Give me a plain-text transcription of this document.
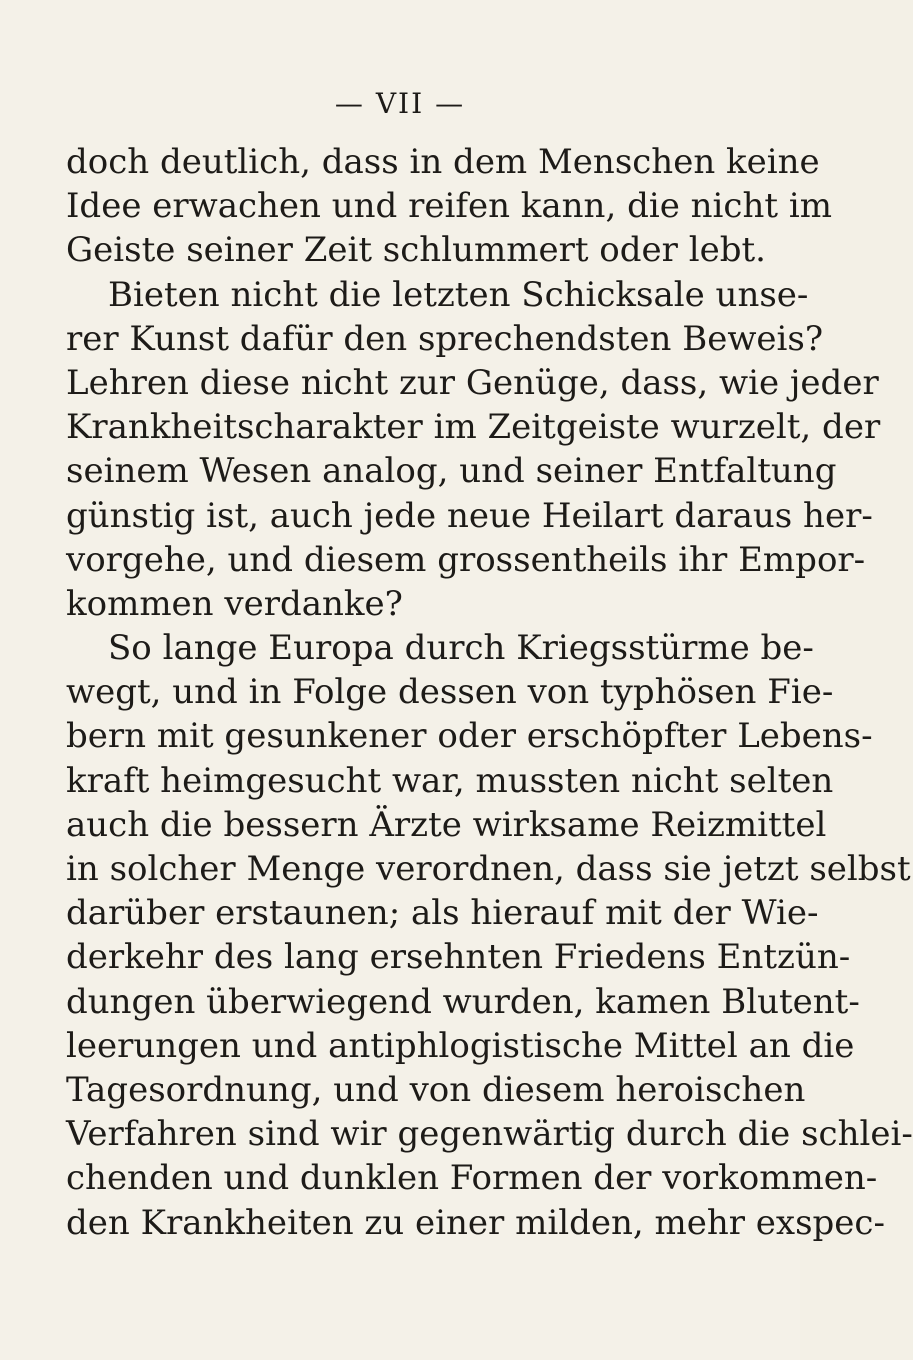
— VII —
doch deutlich, dass in dem Menschen keine
Idee erwachen und reifen kann, die nicht im
Geiste seiner Zeit schlummert oder lebt.
Bieten nicht die letzten Schicksale unse-
rer Kunst dafür den sprechendsten Beweis?
Lehren diese nicht zur Genüge, dass, wie jeder
Krankheitscharakter im Zeitgeiste wurzelt, der
seinem Wesen analog, und seiner Entfaltung
günstig ist, auch jede neue Heilart daraus her-
vorgehe, und diesem grossentheils ihr Empor-
kommen verdanke?
So lange Europa durch Kriegsstürme be-
wegt, und in Folge dessen von typhösen Fie-
bern mit gesunkener oder erschöpfter Lebens-
kraft heimgesucht war, mussten nicht selten
auch die bessern Ärzte wirksame Reizmittel
in solcher Menge verordnen, dass sie jetzt selbst
darüber erstaunen; als hierauf mit der Wie-
derkehr des lang ersehnten Friedens Entzün-
dungen überwiegend wurden, kamen Blutent-
leerungen und antiphlogistische Mittel an die
Tagesordnung, und von diesem heroischen
Verfahren sind wir gegenwärtig durch die schlei-
chenden und dunklen Formen der vorkommen-
den Krankheiten zu einer milden, mehr exspec-
